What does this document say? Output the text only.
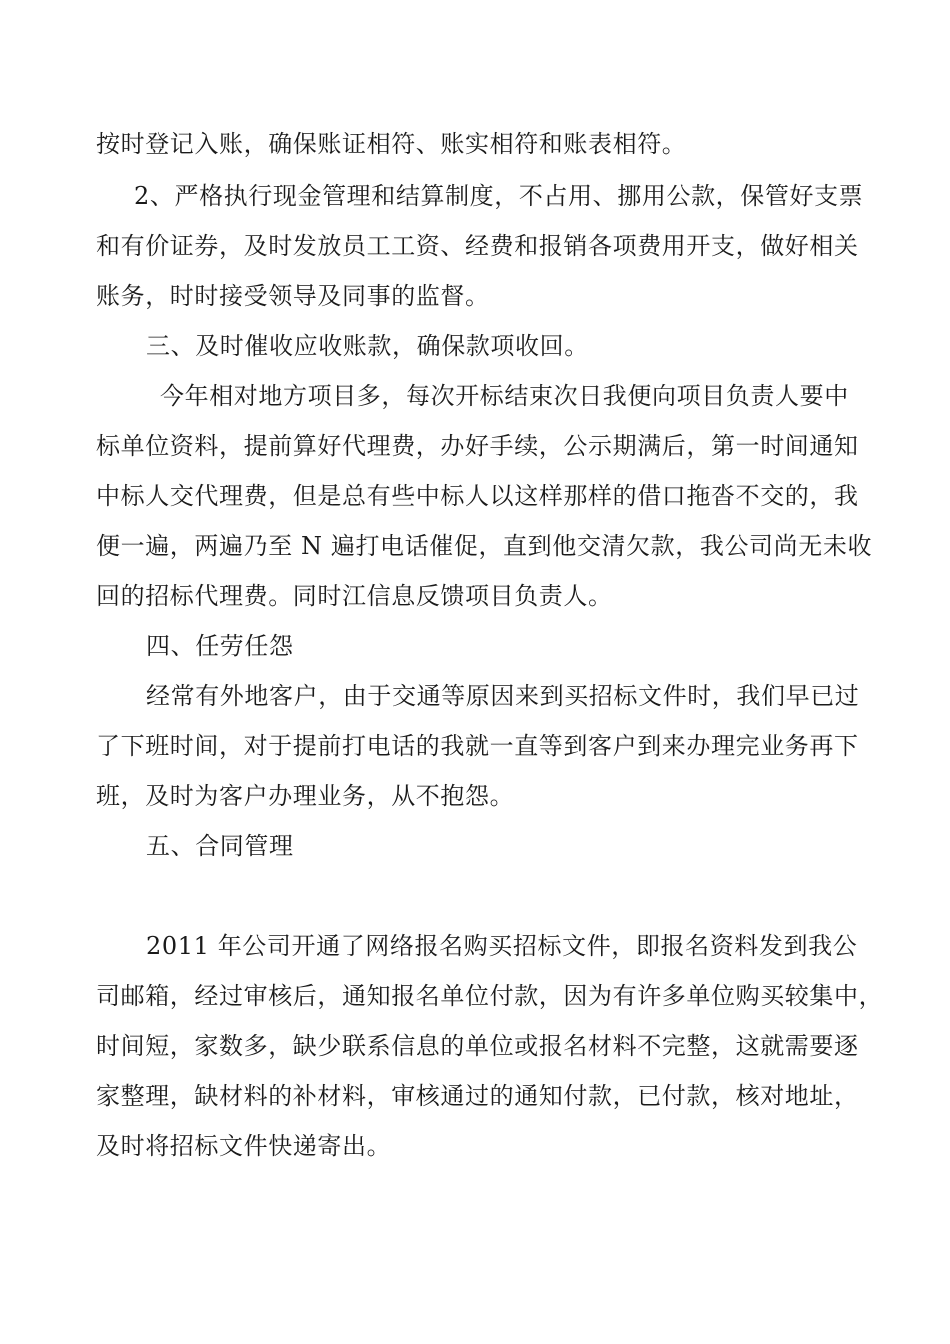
按时登记入账，确保账证相符、账实相符和账表相符。
2、严格执行现金管理和结算制度，不占用、挪用公款，保管好支票
和有价证券，及时发放员工工资、经费和报销各项费用开支，做好相关
账务，时时接受领导及同事的监督。
三、及时催收应收账款，确保款项收回。
今年相对地方项目多，每次开标结束次日我便向项目负责人要中
标单位资料，提前算好代理费，办好手续，公示期满后，第一时间通知
中标人交代理费，但是总有些中标人以这样那样的借口拖沓不交的，我
便一遍，两遍乃至 N 遍打电话催促，直到他交清欠款，我公司尚无未收
回的招标代理费。同时江信息反馈项目负责人。
四、任劳任怨
经常有外地客户，由于交通等原因来到买招标文件时，我们早已过
了下班时间，对于提前打电话的我就一直等到客户到来办理完业务再下
班，及时为客户办理业务，从不抱怨。
五、合同管理
2011 年公司开通了网络报名购买招标文件，即报名资料发到我公
司邮箱，经过审核后，通知报名单位付款，因为有许多单位购买较集中，
时间短，家数多，缺少联系信息的单位或报名材料不完整，这就需要逐
家整理，缺材料的补材料，审核通过的通知付款，已付款，核对地址，
及时将招标文件快递寄出。
